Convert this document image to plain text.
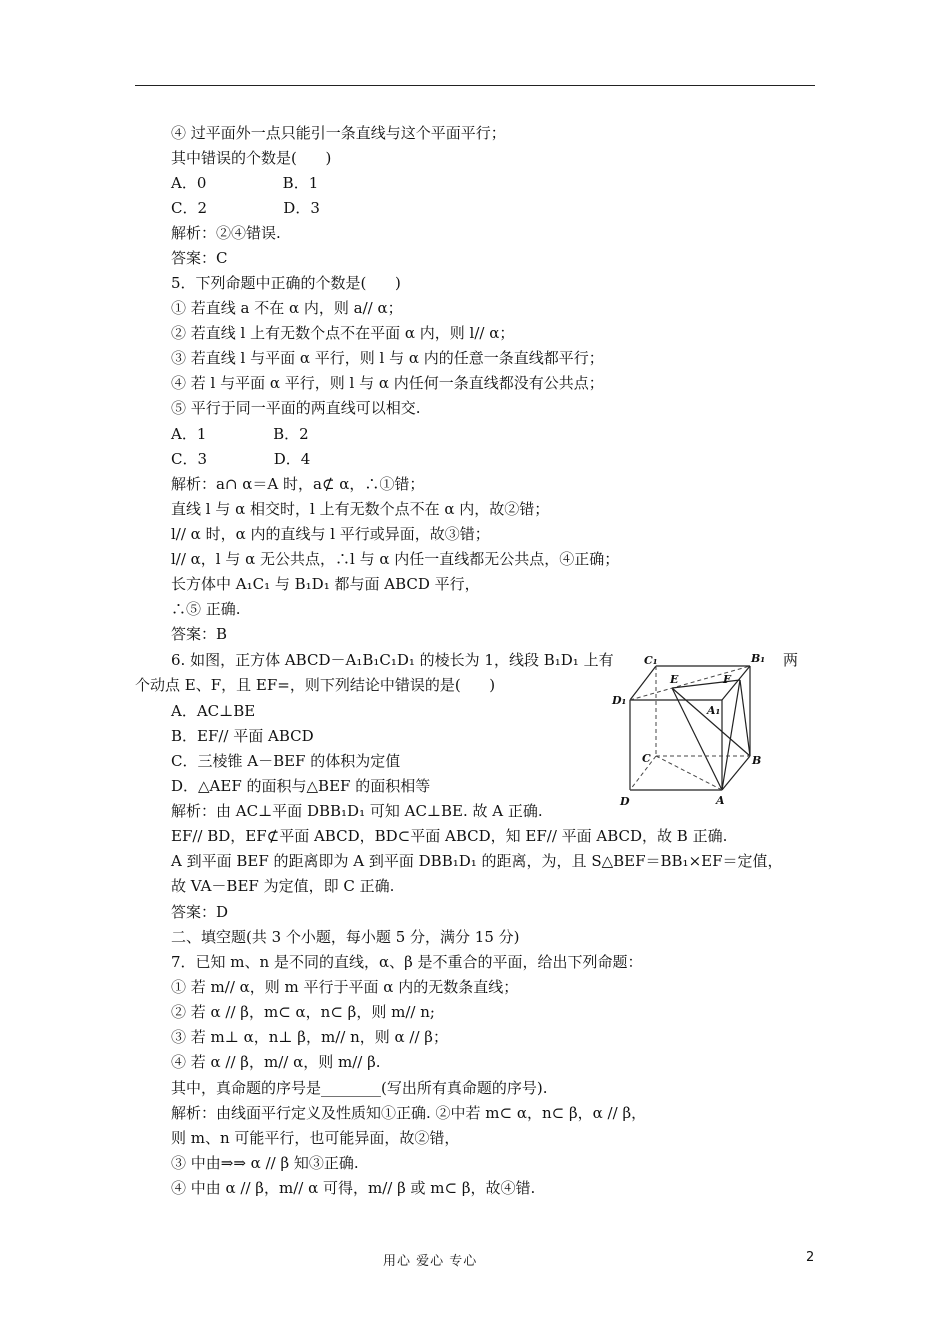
④ 过平面外一点只能引一条直线与这个平面平行；
其中错误的个数是(      )
A．0                B．1
C．2                D．3
解析：②④错误.
答案：C
5．下列命题中正确的个数是(      )
① 若直线 a 不在 α 内，则 a// α；
② 若直线 l 上有无数个点不在平面 α 内，则 l// α；
③ 若直线 l 与平面 α 平行，则 l 与 α 内的任意一条直线都平行；
④ 若 l 与平面 α 平行，则 l 与 α 内任何一条直线都没有公共点；
⑤ 平行于同一平面的两直线可以相交.
A．1              B．2
C．3              D．4
解析：a∩ α＝A 时，a⊄ α，∴①错；
直线 l 与 α 相交时，l 上有无数个点不在 α 内，故②错；
l// α 时，α 内的直线与 l 平行或异面，故③错；
l// α，l 与 α 无公共点，∴l 与 α 内任一直线都无公共点，④正确；
长方体中 A₁C₁ 与 B₁D₁ 都与面 ABCD 平行，
∴⑤ 正确.
答案：B
6. 如图，正方体 ABCD－A₁B₁C₁D₁ 的棱长为 1，线段 B₁D₁ 上有	两
个动点 E、F，且 EF=，则下列结论中错误的是(      )
A．AC⊥BE
B．EF// 平面 ABCD
C．三棱锥 A－BEF 的体积为定值
D．△AEF 的面积与△BEF 的面积相等
解析：由 AC⊥平面 DBB₁D₁ 可知 AC⊥BE. 故 A 正确.
EF// BD，EF⊄平面 ABCD，BD⊂平面 ABCD，知 EF// 平面 ABCD，故 B 正确.
A 到平面 BEF 的距离即为 A 到平面 DBB₁D₁ 的距离，为，且 S△BEF＝BB₁×EF＝定值，
故 VA－BEF 为定值，即 C 正确.
答案：D
C₁	B₁
E	F
D₁
A₁
C	B
D	A
二、填空题(共 3 个小题，每小题 5 分，满分 15 分)
7．已知 m、n 是不同的直线，α、β 是不重合的平面，给出下列命题：
① 若 m// α，则 m 平行于平面 α 内的无数条直线；
② 若 α // β，m⊂ α，n⊂ β，则 m// n;
③ 若 m⊥ α，n⊥ β，m// n，则 α // β；
④ 若 α // β，m// α，则 m// β.
其中，真命题的序号是________(写出所有真命题的序号).
解析：由线面平行定义及性质知①正确. ②中若 m⊂ α，n⊂ β，α // β，
则 m、n 可能平行，也可能异面，故②错，
③ 中由⇒⇒ α // β 知③正确.
④ 中由 α // β，m// α 可得，m// β 或 m⊂ β，故④错.
用心 爱心 专心	2
